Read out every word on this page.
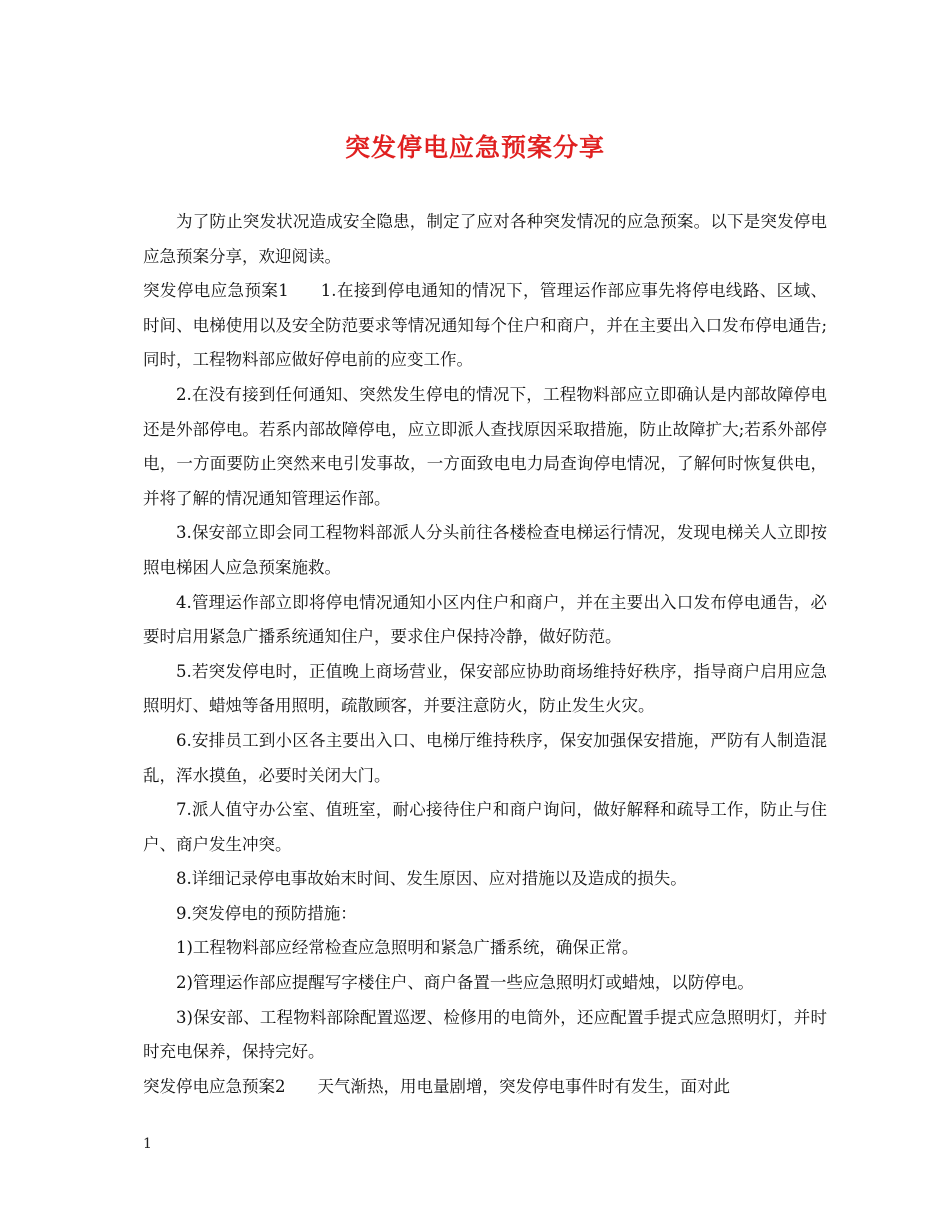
突发停电应急预案分享

为了防止突发状况造成安全隐患，制定了应对各种突发情况的应急预案。以下是突发停电应急预案分享，欢迎阅读。

突发停电应急预案1 1.在接到停电通知的情况下，管理运作部应事先将停电线路、区域、时间、电梯使用以及安全防范要求等情况通知每个住户和商户，并在主要出入口发布停电通告;同时，工程物料部应做好停电前的应变工作。

2.在没有接到任何通知、突然发生停电的情况下，工程物料部应立即确认是内部故障停电还是外部停电。若系内部故障停电，应立即派人查找原因采取措施，防止故障扩大;若系外部停电，一方面要防止突然来电引发事故，一方面致电电力局查询停电情况，了解何时恢复供电，并将了解的情况通知管理运作部。

3.保安部立即会同工程物料部派人分头前往各楼检查电梯运行情况，发现电梯关人立即按照电梯困人应急预案施救。

4.管理运作部立即将停电情况通知小区内住户和商户，并在主要出入口发布停电通告，必要时启用紧急广播系统通知住户，要求住户保持冷静，做好防范。

5.若突发停电时，正值晚上商场营业，保安部应协助商场维持好秩序，指导商户启用应急照明灯、蜡烛等备用照明，疏散顾客，并要注意防火，防止发生火灾。

6.安排员工到小区各主要出入口、电梯厅维持秩序，保安加强保安措施，严防有人制造混乱，浑水摸鱼，必要时关闭大门。

7.派人值守办公室、值班室，耐心接待住户和商户询问，做好解释和疏导工作，防止与住户、商户发生冲突。

8.详细记录停电事故始末时间、发生原因、应对措施以及造成的损失。

9.突发停电的预防措施：

1)工程物料部应经常检查应急照明和紧急广播系统，确保正常。

2)管理运作部应提醒写字楼住户、商户备置一些应急照明灯或蜡烛，以防停电。

3)保安部、工程物料部除配置巡逻、检修用的电筒外，还应配置手提式应急照明灯，并时时充电保养，保持完好。

突发停电应急预案2 天气渐热，用电量剧增，突发停电事件时有发生，面对此

1
